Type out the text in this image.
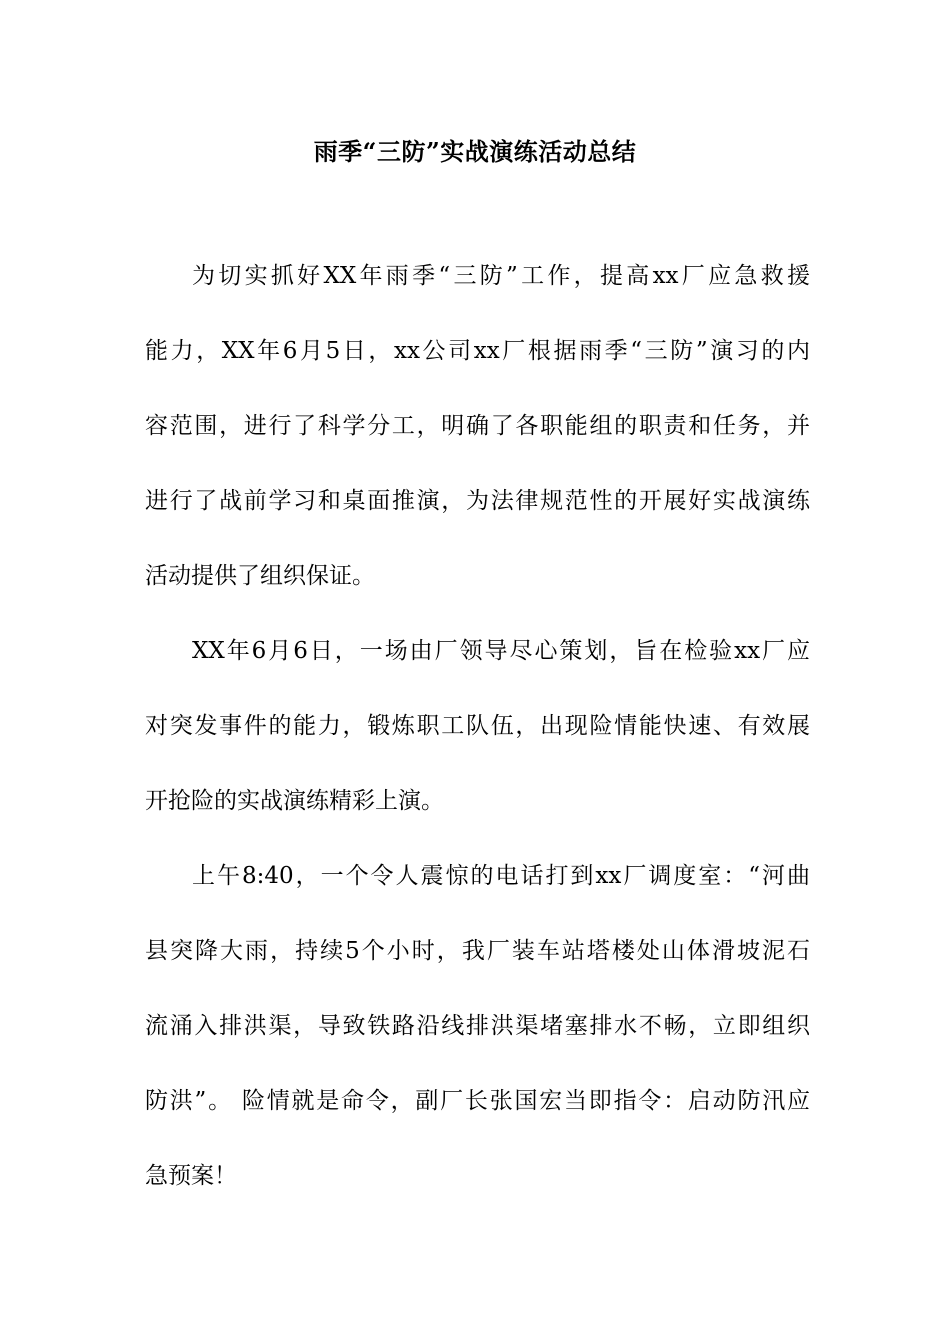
雨季“三防”实战演练活动总结
为切实抓好XX年雨季“三防”工作，提高xx厂应急救援
能力，XX年6月5日，xx公司xx厂根据雨季“三防”演习的内
容范围，进行了科学分工，明确了各职能组的职责和任务，并
进行了战前学习和桌面推演，为法律规范性的开展好实战演练
活动提供了组织保证。
XX年6月6日，一场由厂领导尽心策划，旨在检验xx厂应
对突发事件的能力，锻炼职工队伍，出现险情能快速、有效展
开抢险的实战演练精彩上演。
上午8:40，一个令人震惊的电话打到xx厂调度室：“河曲
县突降大雨，持续5个小时，我厂装车站塔楼处山体滑坡泥石
流涌入排洪渠，导致铁路沿线排洪渠堵塞排水不畅，立即组织
防洪”。 险情就是命令，副厂长张国宏当即指令：启动防汛应
急预案！
